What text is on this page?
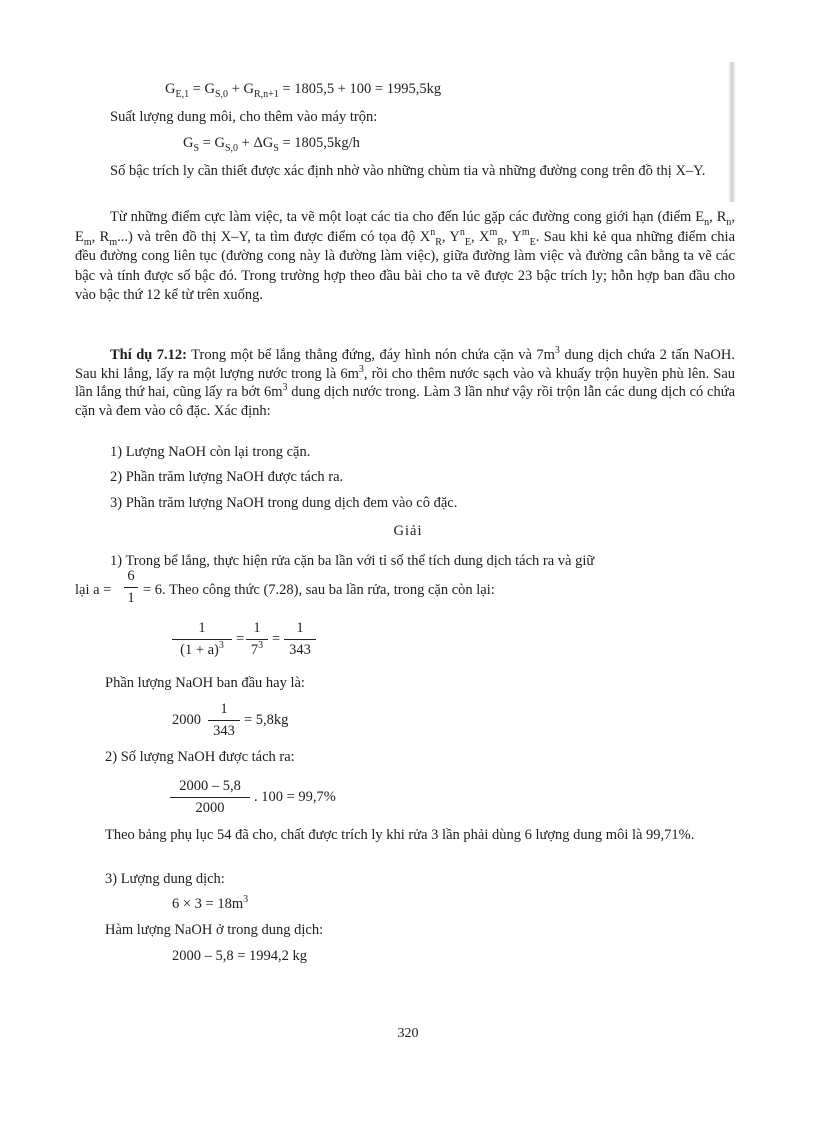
$G_{E,1} = G_{S,0} + G_{R,n+1} = 1805,5 + 100 = 1995,5kg$
Suất lượng dung môi, cho thêm vào máy trộn:
$G_S = G_{S,0} + \Delta G_S = 1805,5kg/h$
Số bậc trích ly cần thiết được xác định nhờ vào những chùm tia và những đường cong trên đồ thị X–Y.
Từ những điểm cực làm việc, ta vẽ một loạt các tia cho đến lúc gặp các đường cong giới hạn (điểm $E_n$, $R_n$, $E_m$, $R_m$...) và trên đồ thị X–Y, ta tìm được điểm có tọa độ $X^n_R$, $Y^n_E$, $X^m_R$, $Y^m_E$. Sau khi kẻ qua những điểm chia đều đường cong liên tục (đường cong này là đường làm việc), giữa đường làm việc và đường cân bằng ta vẽ các bậc và tính được số bậc đó. Trong trường hợp theo đầu bài cho ta vẽ được 23 bậc trích ly; hỗn hợp ban đầu cho vào bậc thứ 12 kể từ trên xuống.
Thí dụ 7.12: Trong một bể lắng thẳng đứng, đáy hình nón chứa cặn và $7m^3$ dung dịch chứa 2 tấn NaOH. Sau khi lắng, lấy ra một lượng nước trong là $6m^3$, rồi cho thêm nước sạch vào và khuấy trộn huyền phù lên. Sau lần lắng thứ hai, cũng lấy ra bớt $6m^3$ dung dịch nước trong. Làm 3 lần như vậy rồi trộn lẫn các dung dịch có chứa cặn và đem vào cô đặc. Xác định:
1) Lượng NaOH còn lại trong cặn.
2) Phần trăm lượng NaOH được tách ra.
3) Phần trăm lượng NaOH trong dung dịch đem vào cô đặc.
Giải
1) Trong bể lắng, thực hiện rửa cặn ba lần với tỉ số thể tích dung dịch tách ra và giữ
lại a =
6
1 = 6. Theo công thức (7.28), sau ba lần rửa, trong cặn còn lại:
1
$(1 + a)^3$ =
1
$7^3$ =
1
343
Phần lượng NaOH ban đầu hay là:
2000
1
343
= 5,8kg
2) Số lượng NaOH được tách ra:
2000 – 5,8
2000
. 100 = 99,7%
Theo bảng phụ lục 54 đã cho, chất được trích ly khi rửa 3 lần phải dùng 6 lượng dung môi là 99,71%.
3) Lượng dung dịch:
$6 \times 3 = 18m^3$
Hàm lượng NaOH ở trong dung dịch:
2000 – 5,8 = 1994,2 kg
320
